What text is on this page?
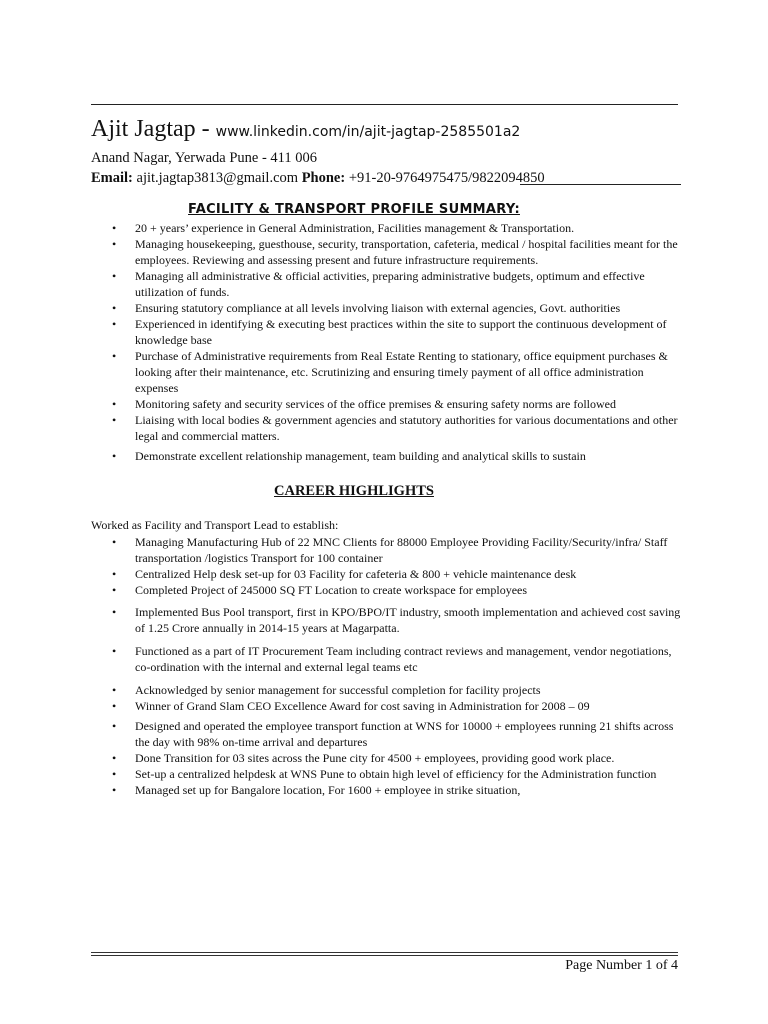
Ajit Jagtap - www.linkedin.com/in/ajit-jagtap-2585501a2
Anand Nagar, Yerwada Pune - 411 006
Email: ajit.jagtap3813@gmail.com Phone: +91-20-9764975475/9822094850
FACILITY & TRANSPORT PROFILE SUMMARY:
• 20 + years’ experience in General Administration, Facilities management & Transportation.
• Managing housekeeping, guesthouse, security, transportation, cafeteria, medical / hospital facilities meant for the employees. Reviewing and assessing present and future infrastructure requirements.
• Managing all administrative & official activities, preparing administrative budgets, optimum and effective utilization of funds.
• Ensuring statutory compliance at all levels involving liaison with external agencies, Govt. authorities
• Experienced in identifying & executing best practices within the site to support the continuous development of knowledge base
• Purchase of Administrative requirements from Real Estate Renting to stationary, office equipment purchases & looking after their maintenance, etc. Scrutinizing and ensuring timely payment of all office administration expenses
• Monitoring safety and security services of the office premises & ensuring safety norms are followed
• Liaising with local bodies & government agencies and statutory authorities for various documentations and other legal and commercial matters.
• Demonstrate excellent relationship management, team building and analytical skills to sustain
CAREER HIGHLIGHTS
Worked as Facility and Transport Lead to establish:
• Managing Manufacturing Hub of 22 MNC Clients for 88000 Employee Providing Facility/Security/infra/ Staff transportation /logistics Transport for 100 container
• Centralized Help desk set-up for 03 Facility for cafeteria & 800 + vehicle maintenance desk
• Completed Project of 245000 SQ FT Location to create workspace for employees
• Implemented Bus Pool transport, first in KPO/BPO/IT industry, smooth implementation and achieved cost saving of 1.25 Crore annually in 2014-15 years at Magarpatta.
• Functioned as a part of IT Procurement Team including contract reviews and management, vendor negotiations, co-ordination with the internal and external legal teams etc
• Acknowledged by senior management for successful completion for facility projects
• Winner of Grand Slam CEO Excellence Award for cost saving in Administration for 2008 – 09
• Designed and operated the employee transport function at WNS for 10000 + employees running 21 shifts across the day with 98% on-time arrival and departures
• Done Transition for 03 sites across the Pune city for 4500 + employees, providing good work place.
• Set-up a centralized helpdesk at WNS Pune to obtain high level of efficiency for the Administration function
• Managed set up for Bangalore location, For 1600 + employee in strike situation,
Page Number 1 of 4
